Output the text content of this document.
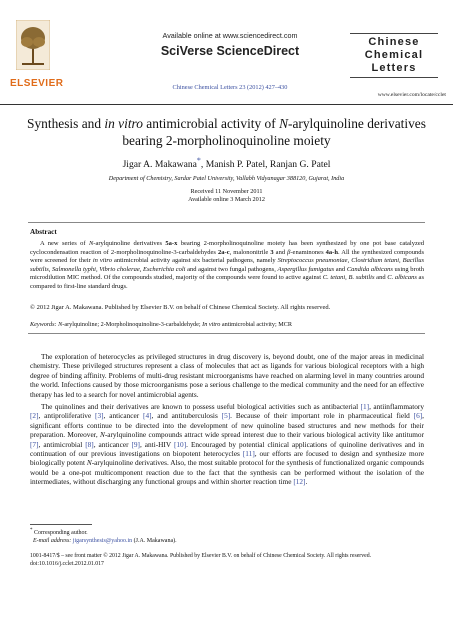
ELSEVIER
Available online at www.sciencedirect.com
SciVerse ScienceDirect
Chinese Chemical Letters 23 (2012) 427–430
Chinese
Chemical
Letters
www.elsevier.com/locate/cclet
Synthesis and in vitro antimicrobial activity of N-arylquinoline derivatives bearing 2-morpholinoquinoline moiety
Jigar A. Makawana*, Manish P. Patel, Ranjan G. Patel
Department of Chemistry, Sardar Patel University, Vallabh Vidyanagar 388120, Gujarat, India
Received 11 November 2011
Available online 3 March 2012
Abstract
A new series of N-arylquinoline derivatives 5a-x bearing 2-morpholinoquinoline moiety has been synthesized by one pot base catalyzed cyclocondensation reaction of 2-morpholinoquinoline-3-carbaldehydes 2a-c, malononitrile 3 and β-enaminones 4a-h. All the synthesized compounds were screened for their in vitro antimicrobial activity against six bacterial pathogens, namely Streptococcus pneumoniae, Clostridium tetani, Bacillus subtilis, Salmonella typhi, Vibrio cholerae, Escherichia coli and against two fungal pathogens, Aspergillus fumigatus and Candida albicans using broth microdilution MIC method. Of the compounds studied, majority of the compounds were found to active against C. tetani, B. subtilis and C. albicans as compared to first-line standard drugs.
© 2012 Jigar A. Makawana. Published by Elsevier B.V. on behalf of Chinese Chemical Society. All rights reserved.
Keywords: N-arylquinoline; 2-Morpholinoquinoline-3-carbaldehyde; In vitro antimicrobial activity; MCR

The exploration of heterocycles as privileged structures in drug discovery is, beyond doubt, one of the major areas in medicinal chemistry. These privileged structures represent a class of molecules that act as ligands for various biological receptors with a high degree of binding affinity. Problems of multi-drug resistant microorganisms have reached on alarming level in many countries around the world. Infections caused by those microorganisms pose a serious challenge to the medical community and the need for an effective therapy has led to a search for novel antimicrobial agents.

The quinolines and their derivatives are known to possess useful biological activities such as antibacterial [1], antiinflammatory [2], antiproliferative [3], anticancer [4], and antituberculosis [5]. Because of their important role in pharmaceutical field [6], significant efforts continue to be directed into the development of new quinoline based structures and new methods for their preparation. Moreover, N-arylquinoline compounds attract wide spread interest due to their various biological activity like antitumor [7], antimicrobial [8], anticancer [9], anti-HIV [10]. Encouraged by potential clinical applications of quinoline derivatives and in continuation of our previous investigations on biopotent heterocycles [11], our efforts are focused to design and synthesize more biologically potent N-arylquinoline derivatives. Also, the most suitable protocol for the synthesis of functionalized organic compounds would be a one-pot multicomponent reaction due to the fact that the synthesis can be performed without the isolation of the intermediates, without discharging any functional groups and within shorter reaction time [12].

* Corresponding author.
E-mail address: jigarsynthesis@yahoo.in (J.A. Makawana).
1001-8417/$ – see front matter © 2012 Jigar A. Makawana. Published by Elsevier B.V. on behalf of Chinese Chemical Society. All rights reserved.
doi:10.1016/j.cclet.2012.01.017
